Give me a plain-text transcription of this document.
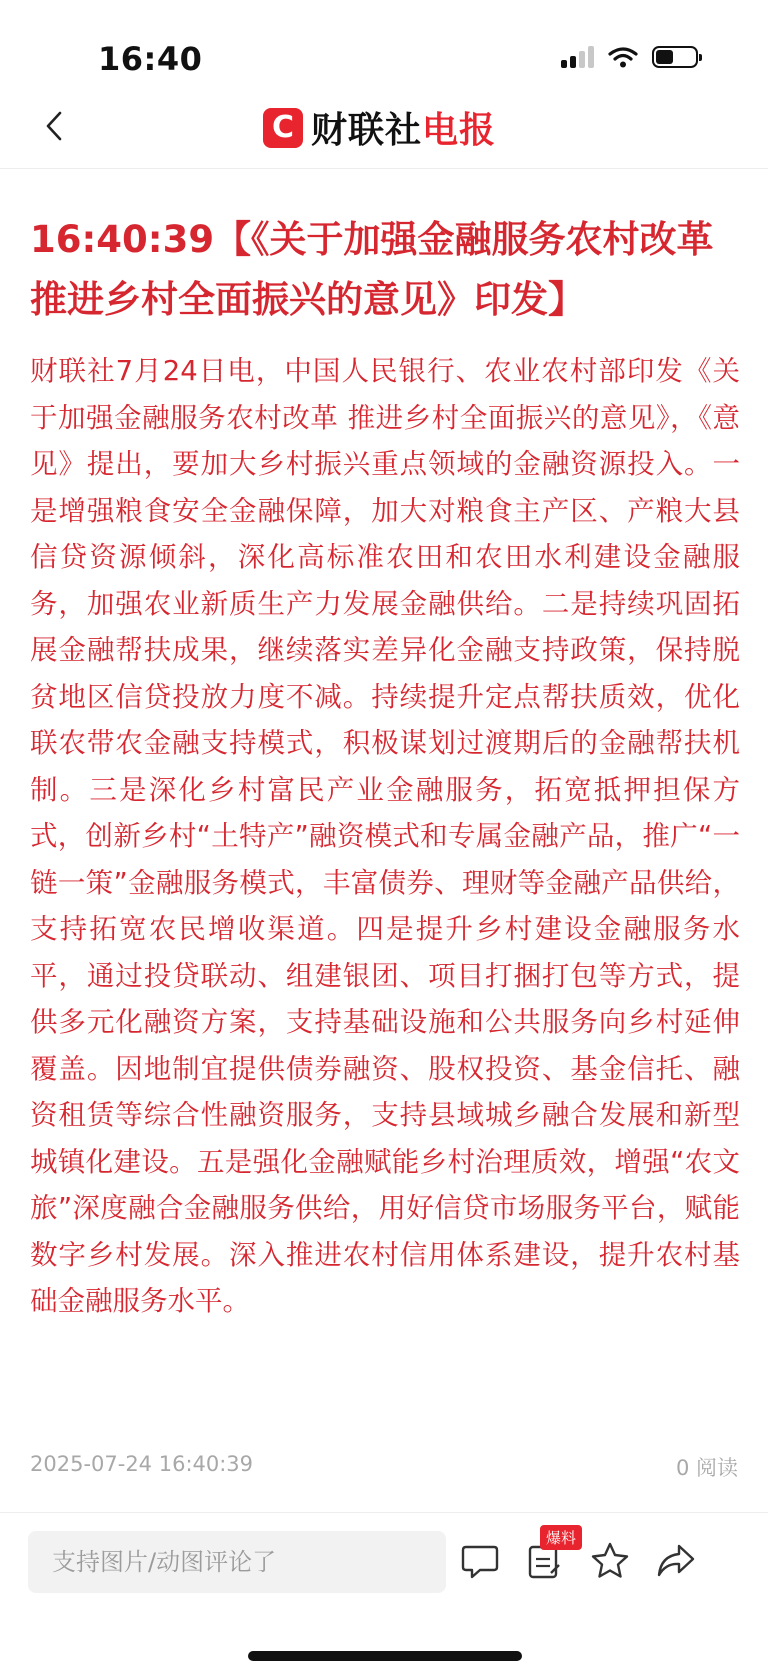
16:40
C 财联社电报
16:40:39【《关于加强金融服务农村改革推进乡村全面振兴的意见》印发】

财联社7月24日电，中国人民银行、农业农村部印发《关于加强金融服务农村改革 推进乡村全面振兴的意见》，《意见》提出，要加大乡村振兴重点领域的金融资源投入。一是增强粮食安全金融保障，加大对粮食主产区、产粮大县信贷资源倾斜，深化高标准农田和农田水利建设金融服务，加强农业新质生产力发展金融供给。二是持续巩固拓展金融帮扶成果，继续落实差异化金融支持政策，保持脱贫地区信贷投放力度不减。持续提升定点帮扶质效，优化联农带农金融支持模式，积极谋划过渡期后的金融帮扶机制。三是深化乡村富民产业金融服务，拓宽抵押担保方式，创新乡村“土特产”融资模式和专属金融产品，推广“一链一策”金融服务模式，丰富债券、理财等金融产品供给，支持拓宽农民增收渠道。四是提升乡村建设金融服务水平，通过投贷联动、组建银团、项目打捆打包等方式，提供多元化融资方案，支持基础设施和公共服务向乡村延伸覆盖。因地制宜提供债券融资、股权投资、基金信托、融资租赁等综合性融资服务，支持县域城乡融合发展和新型城镇化建设。五是强化金融赋能乡村治理质效，增强“农文旅”深度融合金融服务供给，用好信贷市场服务平台，赋能数字乡村发展。深入推进农村信用体系建设，提升农村基础金融服务水平。

2025-07-24 16:40:39	0 阅读
支持图片/动图评论了
爆料
